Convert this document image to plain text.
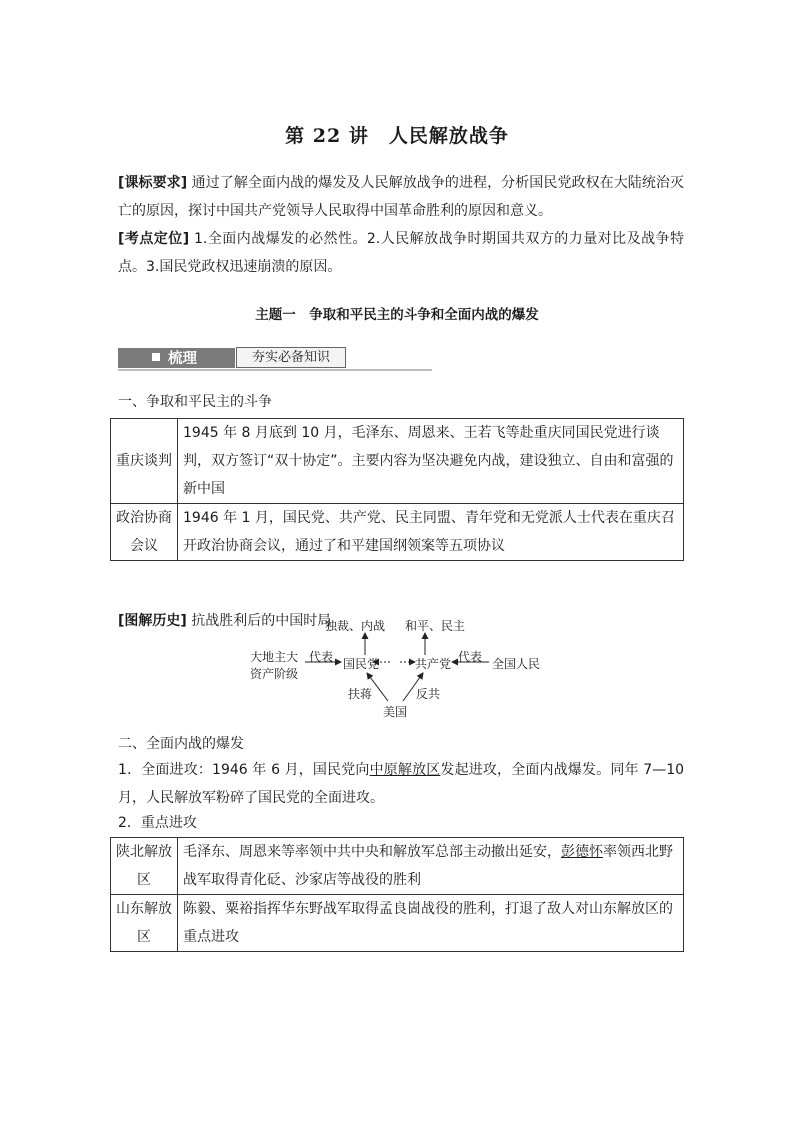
第 22 讲　人民解放战争
[课标要求] 通过了解全面内战的爆发及人民解放战争的进程，分析国民党政权在大陆统治灭亡的原因，探讨中国共产党领导人民取得中国革命胜利的原因和意义。
[考点定位] 1.全面内战爆发的必然性。2.人民解放战争时期国共双方的力量对比及战争特点。3.国民党政权迅速崩溃的原因。
主题一　争取和平民主的斗争和全面内战的爆发
梳理	夯实必备知识
一、争取和平民主的斗争
重庆谈判	1945 年 8 月底到 10 月，毛泽东、周恩来、王若飞等赴重庆同国民党进行谈判，双方签订“双十协定”。主要内容为坚决避免内战，建设独立、自由和富强的新中国
政治协商会议	1946 年 1 月，国民党、共产党、民主同盟、青年党和无党派人士代表在重庆召开政治协商会议，通过了和平建国纲领案等五项协议
[图解历史] 抗战胜利后的中国时局
独裁、内战 和平、民主
大地主大
资产阶级
代表 国民党	共产党 代表 全国人民
扶蒋	反共
美国
二、全面内战的爆发
1．全面进攻：1946 年 6 月，国民党向中原解放区发起进攻，全面内战爆发。同年 7—10 月，人民解放军粉碎了国民党的全面进攻。
2．重点进攻
陕北解放区	毛泽东、周恩来等率领中共中央和解放军总部主动撤出延安，彭德怀率领西北野战军取得青化砭、沙家店等战役的胜利
山东解放区	陈毅、粟裕指挥华东野战军取得孟良崮战役的胜利，打退了敌人对山东解放区的重点进攻
